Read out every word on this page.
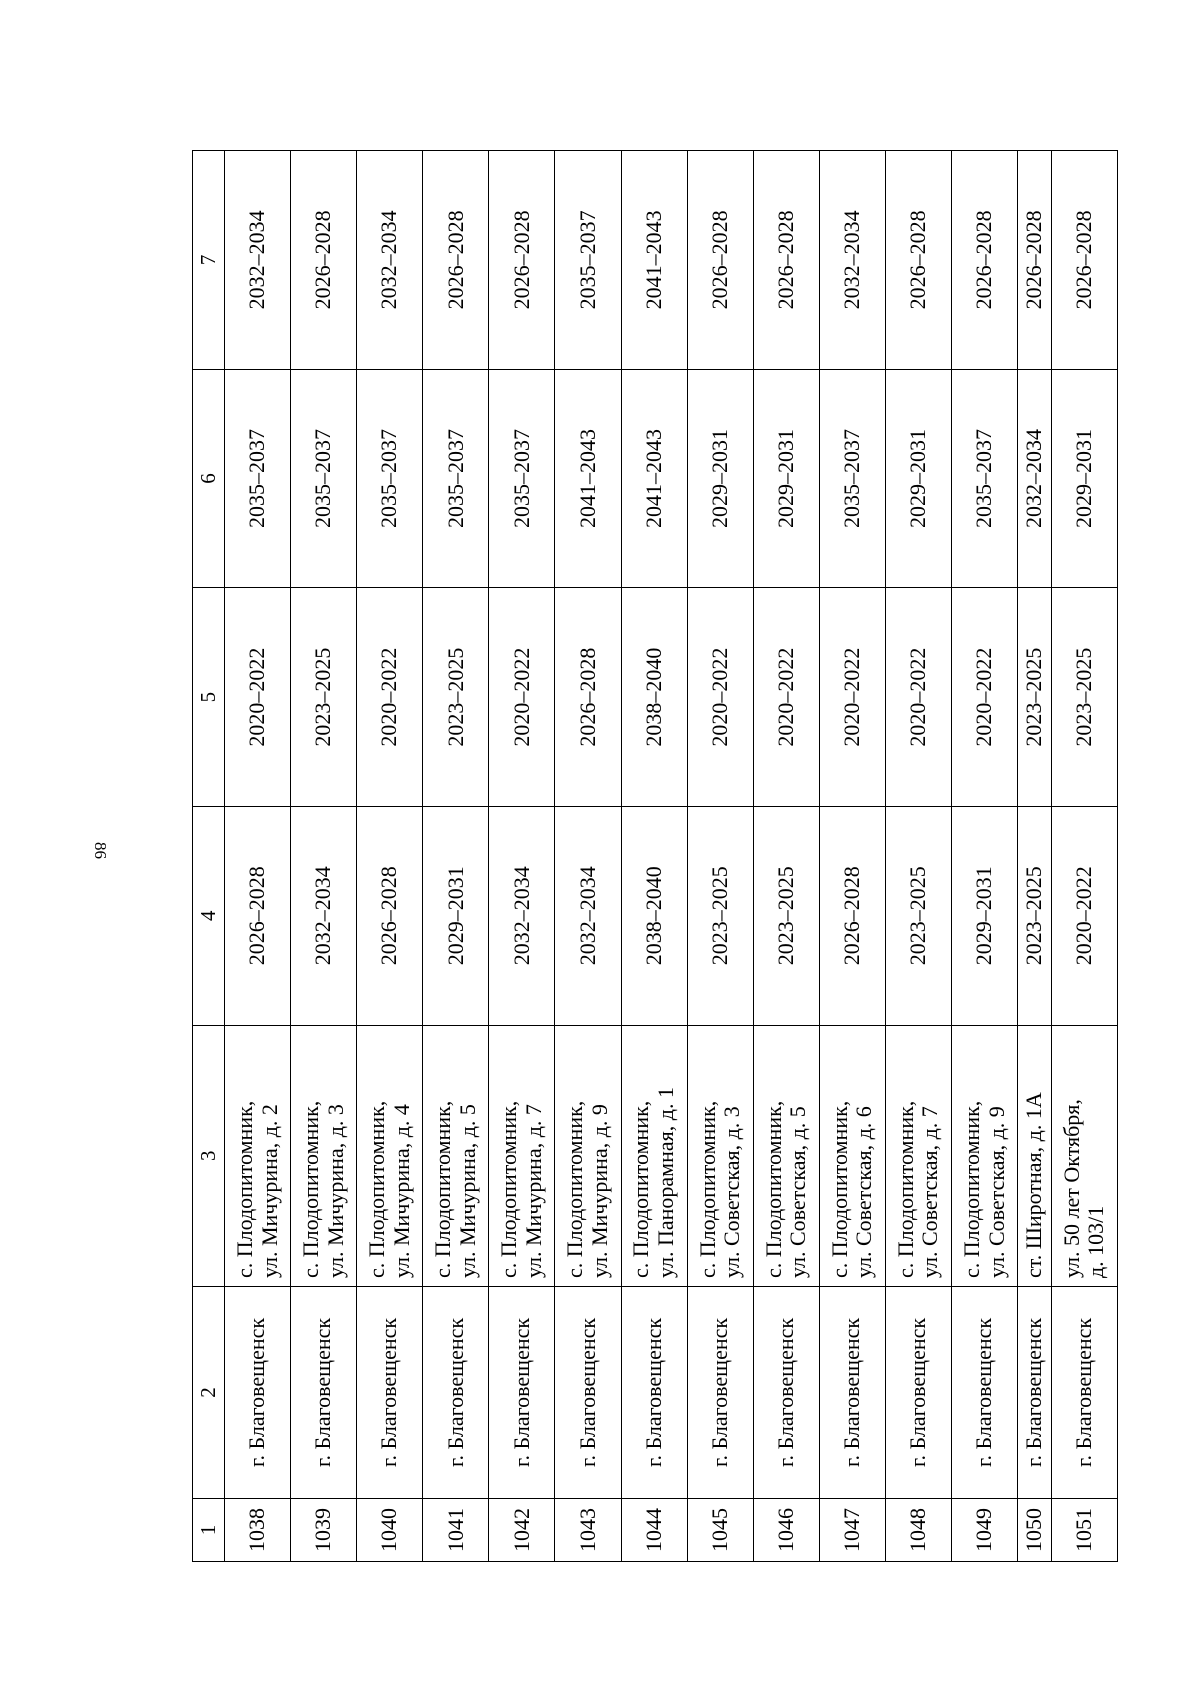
86
1	2	3	4	5	6	7
1038	г. Благовещенск	с. Плодопитомник, ул. Мичурина, д. 2	2026–2028	2020–2022	2035–2037	2032–2034
1039	г. Благовещенск	с. Плодопитомник, ул. Мичурина, д. 3	2032–2034	2023–2025	2035–2037	2026–2028
1040	г. Благовещенск	с. Плодопитомник, ул. Мичурина, д. 4	2026–2028	2020–2022	2035–2037	2032–2034
1041	г. Благовещенск	с. Плодопитомник, ул. Мичурина, д. 5	2029–2031	2023–2025	2035–2037	2026–2028
1042	г. Благовещенск	с. Плодопитомник, ул. Мичурина, д. 7	2032–2034	2020–2022	2035–2037	2026–2028
1043	г. Благовещенск	с. Плодопитомник, ул. Мичурина, д. 9	2032–2034	2026–2028	2041–2043	2035–2037
1044	г. Благовещенск	с. Плодопитомник, ул. Панорамная, д. 1	2038–2040	2038–2040	2041–2043	2041–2043
1045	г. Благовещенск	с. Плодопитомник, ул. Советская, д. 3	2023–2025	2020–2022	2029–2031	2026–2028
1046	г. Благовещенск	с. Плодопитомник, ул. Советская, д. 5	2023–2025	2020–2022	2029–2031	2026–2028
1047	г. Благовещенск	с. Плодопитомник, ул. Советская, д. 6	2026–2028	2020–2022	2035–2037	2032–2034
1048	г. Благовещенск	с. Плодопитомник, ул. Советская, д. 7	2023–2025	2020–2022	2029–2031	2026–2028
1049	г. Благовещенск	с. Плодопитомник, ул. Советская, д. 9	2029–2031	2020–2022	2035–2037	2026–2028
1050	г. Благовещенск	ст. Широтная, д. 1А	2023–2025	2023–2025	2032–2034	2026–2028
1051	г. Благовещенск	ул. 50 лет Октября, д. 103/1	2020–2022	2023–2025	2029–2031	2026–2028
